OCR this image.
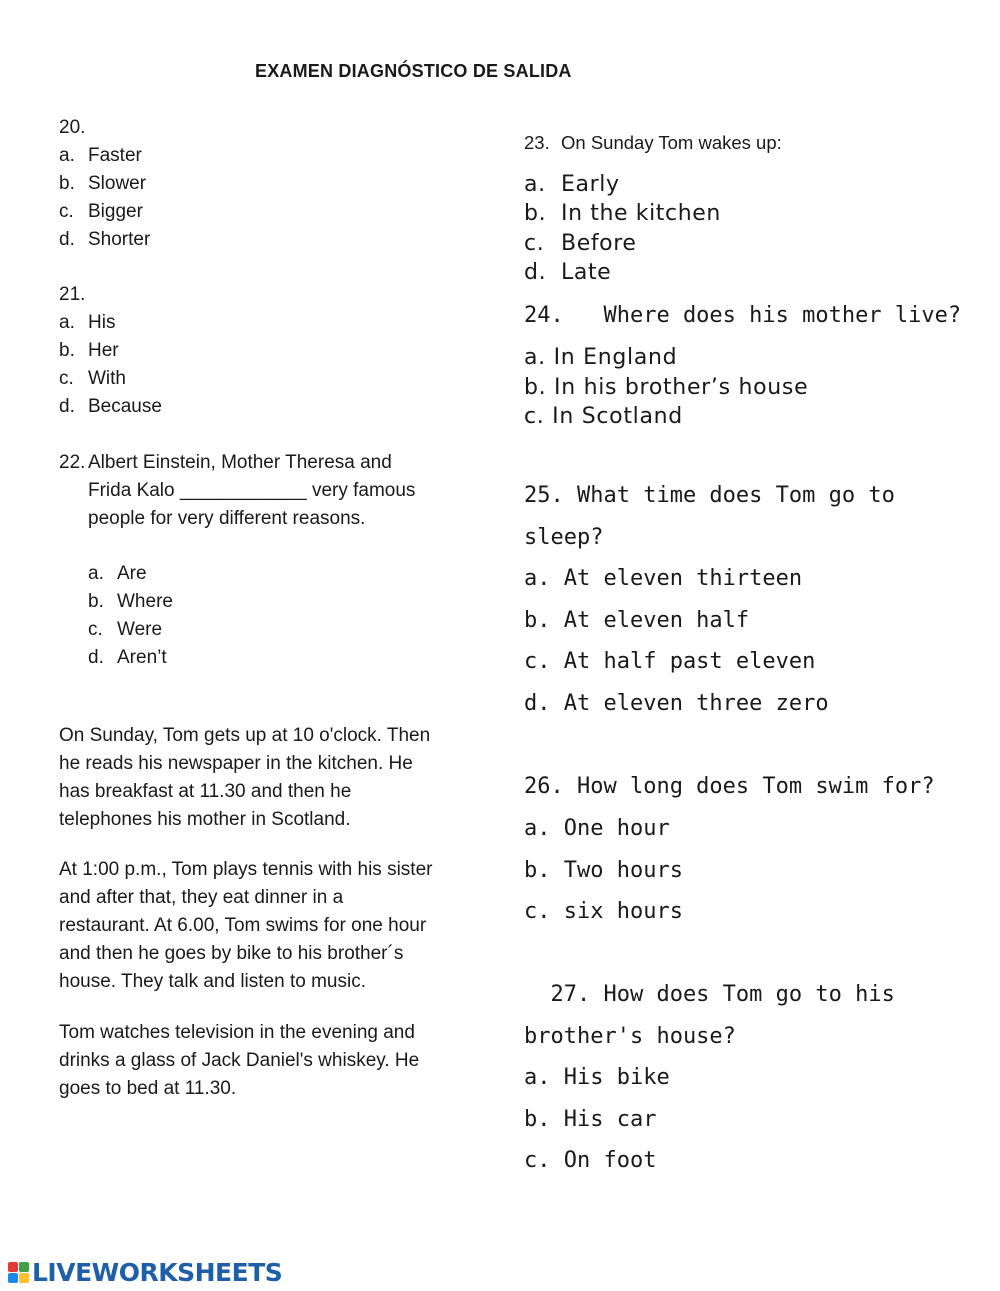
EXAMEN DIAGNÓSTICO DE SALIDA
20.
a. Faster
b. Slower
c. Bigger
d. Shorter
21.
a. His
b. Her
c. With
d. Because
22. Albert Einstein, Mother Theresa and
Frida Kalo ____________ very famous
people for very different reasons.
a. Are
b. Where
c. Were
d. Aren’t
On Sunday, Tom gets up at 10 o'clock. Then
he reads his newspaper in the kitchen. He
has breakfast at 11.30 and then he
telephones his mother in Scotland.
At 1:00 p.m., Tom plays tennis with his sister
and after that, they eat dinner in a
restaurant. At 6.00, Tom swims for one hour
and then he goes by bike to his brother´s
house. They talk and listen to music.
Tom watches television in the evening and
drinks a glass of Jack Daniel's whiskey. He
goes to bed at 11.30.
23. On Sunday Tom wakes up:
a. Early
b. In the kitchen
c. Before
d. Late
24.   Where does his mother live?
a. In England
b. In his brother’s house
c. In Scotland
25. What time does Tom go to
sleep?
a. At eleven thirteen
b. At eleven half
c. At half past eleven
d. At eleven three zero
26. How long does Tom swim for?
a. One hour
b. Two hours
c. six hours
27. How does Tom go to his
brother's house?
a. His bike
b. His car
c. On foot
LIVEWORKSHEETS
